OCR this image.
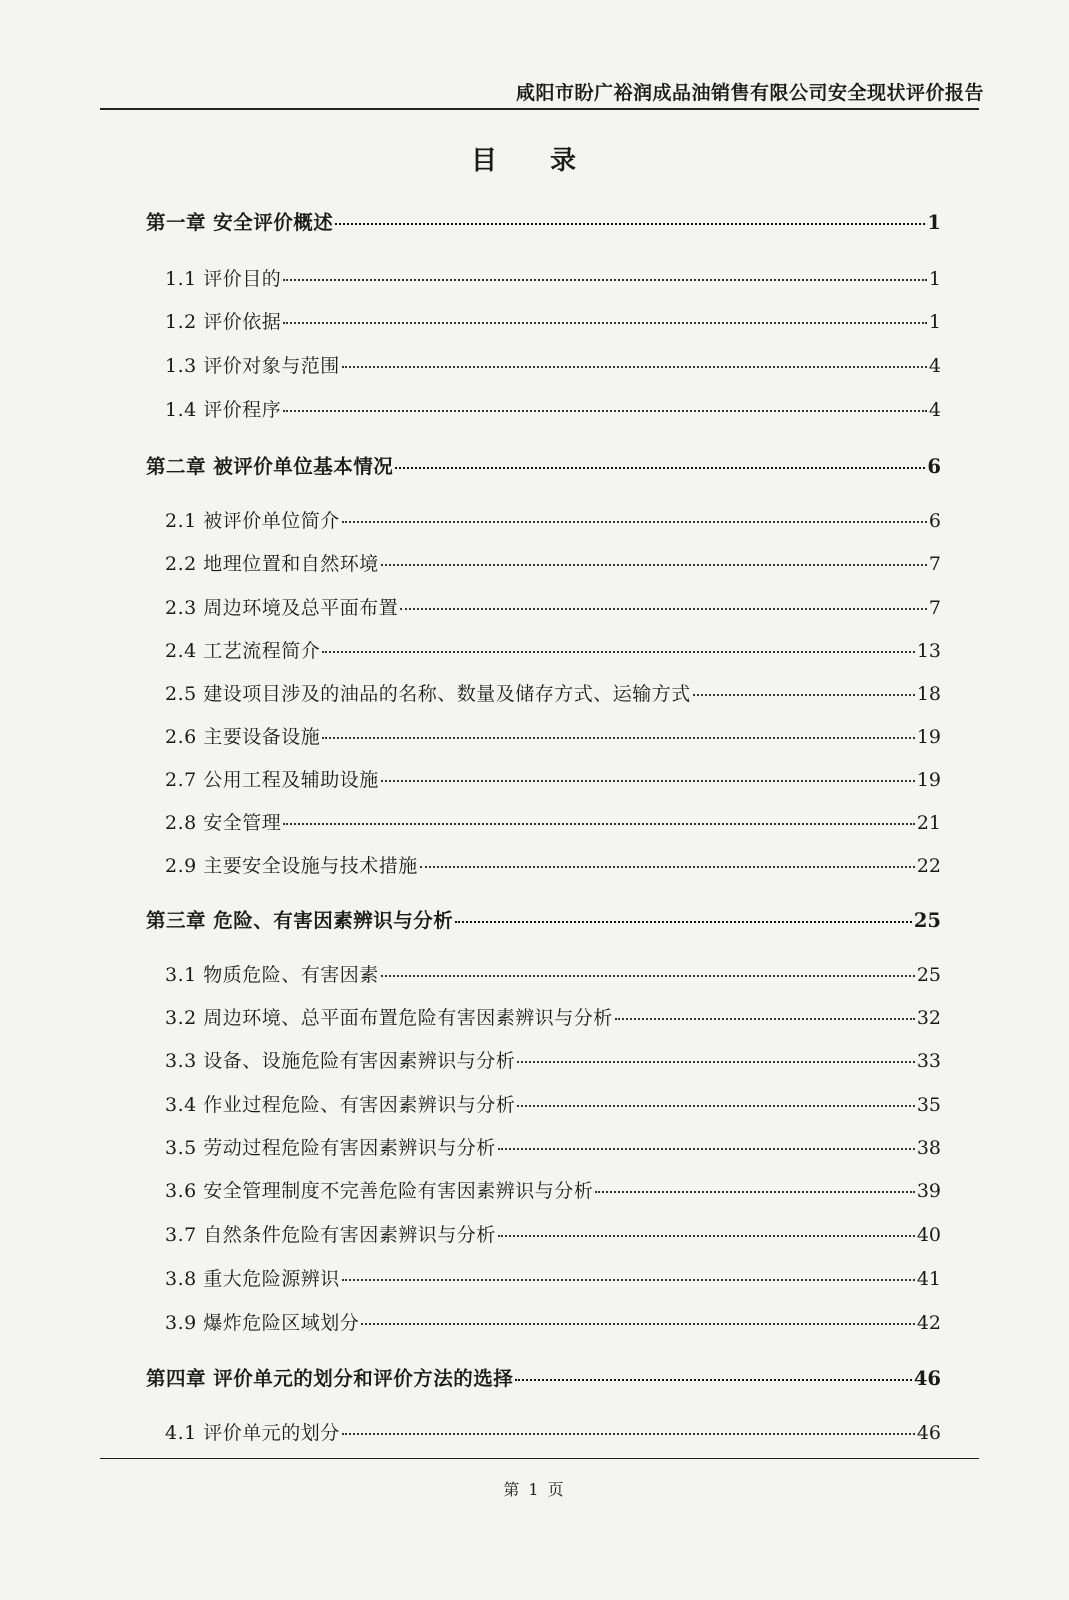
咸阳市盼广裕润成品油销售有限公司安全现状评价报告
目 录
第一章 安全评价概述	1
1.1 评价目的	1
1.2 评价依据	1
1.3 评价对象与范围	4
1.4 评价程序	4
第二章 被评价单位基本情况	6
2.1 被评价单位简介	6
2.2 地理位置和自然环境	7
2.3 周边环境及总平面布置	7
2.4 工艺流程简介	13
2.5 建设项目涉及的油品的名称、数量及储存方式、运输方式	18
2.6 主要设备设施	19
2.7 公用工程及辅助设施	19
2.8 安全管理	21
2.9 主要安全设施与技术措施	22
第三章 危险、有害因素辨识与分析	25
3.1 物质危险、有害因素	25
3.2 周边环境、总平面布置危险有害因素辨识与分析	32
3.3 设备、设施危险有害因素辨识与分析	33
3.4 作业过程危险、有害因素辨识与分析	35
3.5 劳动过程危险有害因素辨识与分析	38
3.6 安全管理制度不完善危险有害因素辨识与分析	39
3.7 自然条件危险有害因素辨识与分析	40
3.8 重大危险源辨识	41
3.9 爆炸危险区域划分	42
第四章 评价单元的划分和评价方法的选择	46
4.1 评价单元的划分	46
第 1 页
